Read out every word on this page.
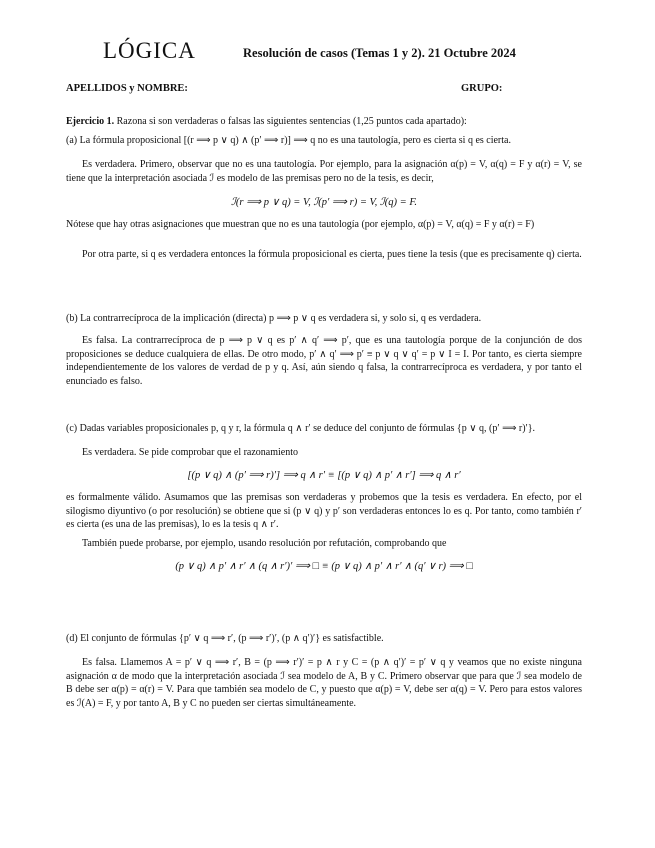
LÓGICA	Resolución de casos (Temas 1 y 2). 21 Octubre 2024
APELLIDOS y NOMBRE:	GRUPO:

Ejercicio 1. Razona si son verdaderas o falsas las siguientes sentencias (1,25 puntos cada apartado):

(a) La fórmula proposicional [(r ⟹ p ∨ q) ∧ (p′ ⟹ r)] ⟹ q no es una tautología, pero es cierta si q es cierta.

Es verdadera. Primero, observar que no es una tautología. Por ejemplo, para la asignación α(p) = V, α(q) = F y α(r) = V, se tiene que la interpretación asociada ℐ es modelo de las premisas pero no de la tesis, es decir,

ℐ(r ⟹ p ∨ q) = V, ℐ(p′ ⟹ r) = V, ℐ(q) = F.

Nótese que hay otras asignaciones que muestran que no es una tautología (por ejemplo, α(p) = V, α(q) = F y α(r) = F)

Por otra parte, si q es verdadera entonces la fórmula proposicional es cierta, pues tiene la tesis (que es precisamente q) cierta.

(b) La contrarrecíproca de la implicación (directa) p ⟹ p ∨ q es verdadera si, y solo si, q es verdadera.

Es falsa. La contrarrecíproca de p ⟹ p ∨ q es p′ ∧ q′ ⟹ p′, que es una tautología porque de la conjunción de dos proposiciones se deduce cualquiera de ellas. De otro modo, p′ ∧ q′ ⟹ p′ ≡ p ∨ q ∨ q′ = p ∨ I = I. Por tanto, es cierta siempre independientemente de los valores de verdad de p y q. Así, aún siendo q falsa, la contrarrecíproca es verdadera, y por tanto el enunciado es falso.

(c) Dadas variables proposicionales p, q y r, la fórmula q ∧ r′ se deduce del conjunto de fórmulas {p ∨ q, (p′ ⟹ r)′}.

Es verdadera. Se pide comprobar que el razonamiento

[(p ∨ q) ∧ (p′ ⟹ r)′] ⟹ q ∧ r′ ≡ [(p ∨ q) ∧ p′ ∧ r′] ⟹ q ∧ r′

es formalmente válido. Asumamos que las premisas son verdaderas y probemos que la tesis es verdadera. En efecto, por el silogismo diyuntivo (o por resolución) se obtiene que si (p ∨ q) y p′ son verdaderas entonces lo es q. Por tanto, como también r′ es cierta (es una de las premisas), lo es la tesis q ∧ r′.

También puede probarse, por ejemplo, usando resolución por refutación, comprobando que

(p ∨ q) ∧ p′ ∧ r′ ∧ (q ∧ r′)′ ⟹ □ ≡ (p ∨ q) ∧ p′ ∧ r′ ∧ (q′ ∨ r) ⟹ □

(d) El conjunto de fórmulas {p′ ∨ q ⟹ r′, (p ⟹ r′)′, (p ∧ q′)′} es satisfactible.

Es falsa. Llamemos A = p′ ∨ q ⟹ r′, B = (p ⟹ r′)′ = p ∧ r y C = (p ∧ q′)′ = p′ ∨ q y veamos que no existe ninguna asignación α de modo que la interpretación asociada ℐ sea modelo de A, B y C. Primero observar que para que ℐ sea modelo de B debe ser α(p) = α(r) = V. Para que también sea modelo de C, y puesto que α(p) = V, debe ser α(q) = V. Pero para estos valores es ℐ(A) = F, y por tanto A, B y C no pueden ser ciertas simultáneamente.
